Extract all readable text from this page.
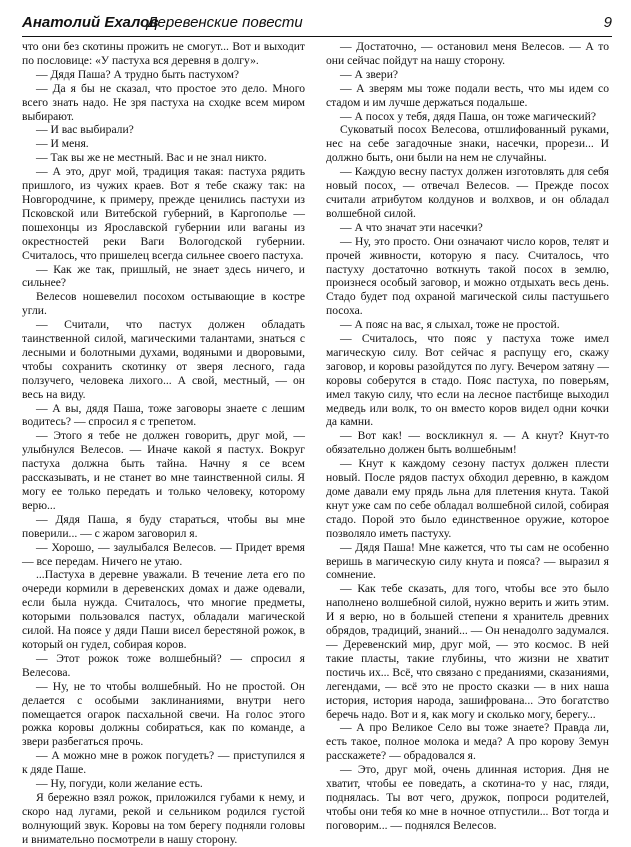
Анатолий Ехалов
Деревенские повести	9

что они без скотины прожить не смогут... Вот и выходит по пословице: «У пастуха вся деревня в долгу».

— Дядя Паша? А трудно быть пастухом?

— Да я бы не сказал, что простое это дело. Много всего знать надо. Не зря пастуха на сходке всем миром выбирают.

— И вас выбирали?

— И меня.

— Так вы же не местный. Вас и не знал никто.

— А это, друг мой, традиция такая: пастуха рядить пришлого, из чужих краев. Вот я тебе скажу так: на Новгородчине, к примеру, прежде ценились пастухи из Псковской или Витебской губерний, в Каргополье — пошехонцы из Ярославской губернии или ваганы из окрестностей реки Ваги Вологодской губернии. Считалось, что пришелец всегда сильнее своего пастуха.

— Как же так, пришлый, не знает здесь ничего, и сильнее?

Велесов ношевелил посохом остывающие в костре угли.

— Считали, что пастух должен обладать таинственной силой, магическими талантами, знаться с лесными и болотными духами, водяными и дворовыми, чтобы сохранить скотинку от зверя лесного, гада ползучего, человека лихого... А свой, местный, — он весь на виду.

— А вы, дядя Паша, тоже заговоры знаете с лешим водитесь? — спросил я с трепетом.

— Этого я тебе не должен говорить, друг мой, — улыбнулся Велесов. — Иначе какой я пастух. Вокруг пастуха должна быть тайна. Начну я се всем рассказывать, и не станет во мне таинственной силы. Я могу ее только передать и только человеку, которому верю...

— Дядя Паша, я буду стараться, чтобы вы мне поверили... — с жаром заговорил я.

— Хорошо, — заулыбался Велесов. — Придет время — все передам. Ничего не утаю.

...Пастуха в деревне уважали. В течение лета его по очереди кормили в деревенских домах и даже одевали, если была нужда. Считалось, что многие предметы, которыми пользовался пастух, обладали магической силой. На поясе у дяди Паши висел берестяной рожок, в который он гудел, собирая коров.

— Этот рожок тоже волшебный? — спросил я Велесова.

— Ну, не то чтобы волшебный. Но не простой. Он делается с особыми заклинаниями, внутри него помещается огарок пасхальной свечи. На голос этого рожка коровы должны собираться, как по команде, а звери разбегаться прочь.

— А можно мне в рожок погудеть? — приступился я к дяде Паше.

— Ну, погуди, коли желание есть.

Я бережно взял рожок, приложился губами к нему, и скоро над лугами, рекой и сельником родился густой волнующий звук. Коровы на том берегу подняли головы и внимательно посмотрели в нашу сторону.

— Достаточно, — остановил меня Велесов. — А то они сейчас пойдут на нашу сторону.

— А звери?

— А зверям мы тоже подали весть, что мы идем со стадом и им лучше держаться подальше.

— А посох у тебя, дядя Паша, он тоже магический?

Суковатый посох Велесова, отшлифованный руками, нес на себе загадочные знаки, насечки, прорези... И должно быть, они были на нем не случайны.

— Каждую весну пастух должен изготовлять для себя новый посох, — отвечал Велесов. — Прежде посох считали атрибутом колдунов и волхвов, и он обладал волшебной силой.

— А что значат эти насечки?

— Ну, это просто. Они означают число коров, телят и прочей живности, которую я пасу. Считалось, что пастуху достаточно воткнуть такой посох в землю, произнеся особый заговор, и можно отдыхать весь день. Стадо будет под охраной магической силы пастушьего посоха.

— А пояс на вас, я слыхал, тоже не простой.

— Считалось, что пояс у пастуха тоже имел магическую силу. Вот сейчас я распущу его, скажу заговор, и коровы разойдутся по лугу. Вечером затяну — коровы соберутся в стадо. Пояс пастуха, по поверьям, имел такую силу, что если на лесное пастбище выходил медведь или волк, то он вместо коров видел одни кочки да камни.

— Вот как! — воскликнул я. — А кнут? Кнут-то обязательно должен быть волшебным!

— Кнут к каждому сезону пастух должен плести новый. После рядов пастух обходил деревню, в каждом доме давали ему прядь льна для плетения кнута. Такой кнут уже сам по себе обладал волшебной силой, собирая стадо. Порой это было единственное оружие, которое позволяло иметь пастуху.

— Дядя Паша! Мне кажется, что ты сам не особенно веришь в магическую силу кнута и пояса? — выразил я сомнение.

— Как тебе сказать, для того, чтобы все это было наполнено волшебной силой, нужно верить и жить этим. И я верю, но в большей степени я хранитель древних обрядов, традиций, знаний... — Он ненадолго задумался. — Деревенский мир, друг мой, — это космос. В ней такие пласты, такие глубины, что жизни не хватит постичь их... Всё, что связано с преданиями, сказаниями, легендами, — всё это не просто сказки — в них наша история, история народа, зашифрована... Это богатство беречь надо. Вот и я, как могу и сколько могу, берегу...

— А про Великое Село вы тоже знаете? Правда ли, есть такое, полное молока и меда? А про корову Земун расскажете? — обрадовался я.

— Это, друг мой, очень длинная история. Дня не хватит, чтобы ее поведать, а скотина-то у нас, гляди, поднялась. Ты вот чего, дружок, попроси родителей, чтобы они тебя ко мне в ночное отпустили... Вот тогда и поговорим... — поднялся Велесов.
